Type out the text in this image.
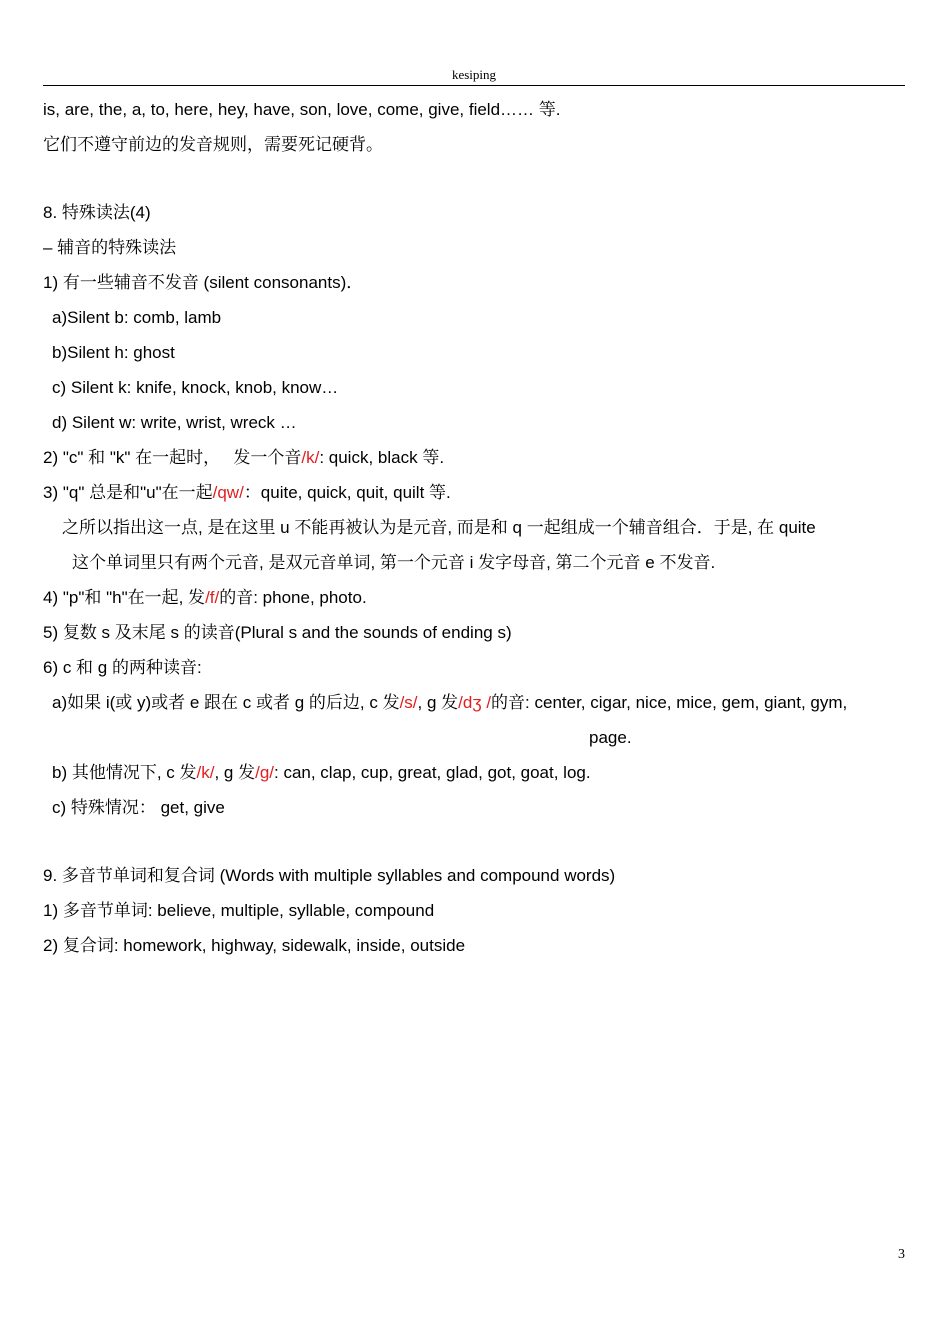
kesiping
is, are, the, a, to, here, hey, have, son, love, come, give, field…… 等.
它们不遵守前边的发音规则，需要死记硬背。
8. 特殊读法(4)
– 辅音的特殊读法
1) 有一些辅音不发音 (silent consonants)．
a)Silent b: comb, lamb
b)Silent h: ghost
c) Silent k: knife, knock, knob, know…
d) Silent w: write, wrist, wreck …
2) "c" 和 "k" 在一起时，　 发一个音/k/: quick, black 等.
3) "q" 总是和"u"在一起/qw/：quite, quick, quit, quilt 等.
之所以指出这一点, 是在这里 u 不能再被认为是元音, 而是和 q 一起组成一个辅音组合．于是, 在 quite
这个单词里只有两个元音, 是双元音单词, 第一个元音 i 发字母音, 第二个元音 e 不发音.
4) "p"和 "h"在一起, 发/f/的音: phone, photo.
5) 复数 s 及末尾 s 的读音(Plural s and the sounds of ending s)
6) c 和 g 的两种读音:
a)如果 i(或 y)或者 e 跟在 c 或者 g 的后边, c 发/s/, g 发/dʒ /的音: center, cigar, nice, mice, gem, giant, gym,
page.
b) 其他情况下, c 发/k/, g 发/g/: can, clap, cup, great, glad, got, goat, log.
c) 特殊情况： get, give
9. 多音节单词和复合词 (Words with multiple syllables and compound words)
1) 多音节单词: believe, multiple, syllable, compound
2) 复合词: homework, highway, sidewalk, inside, outside
3
